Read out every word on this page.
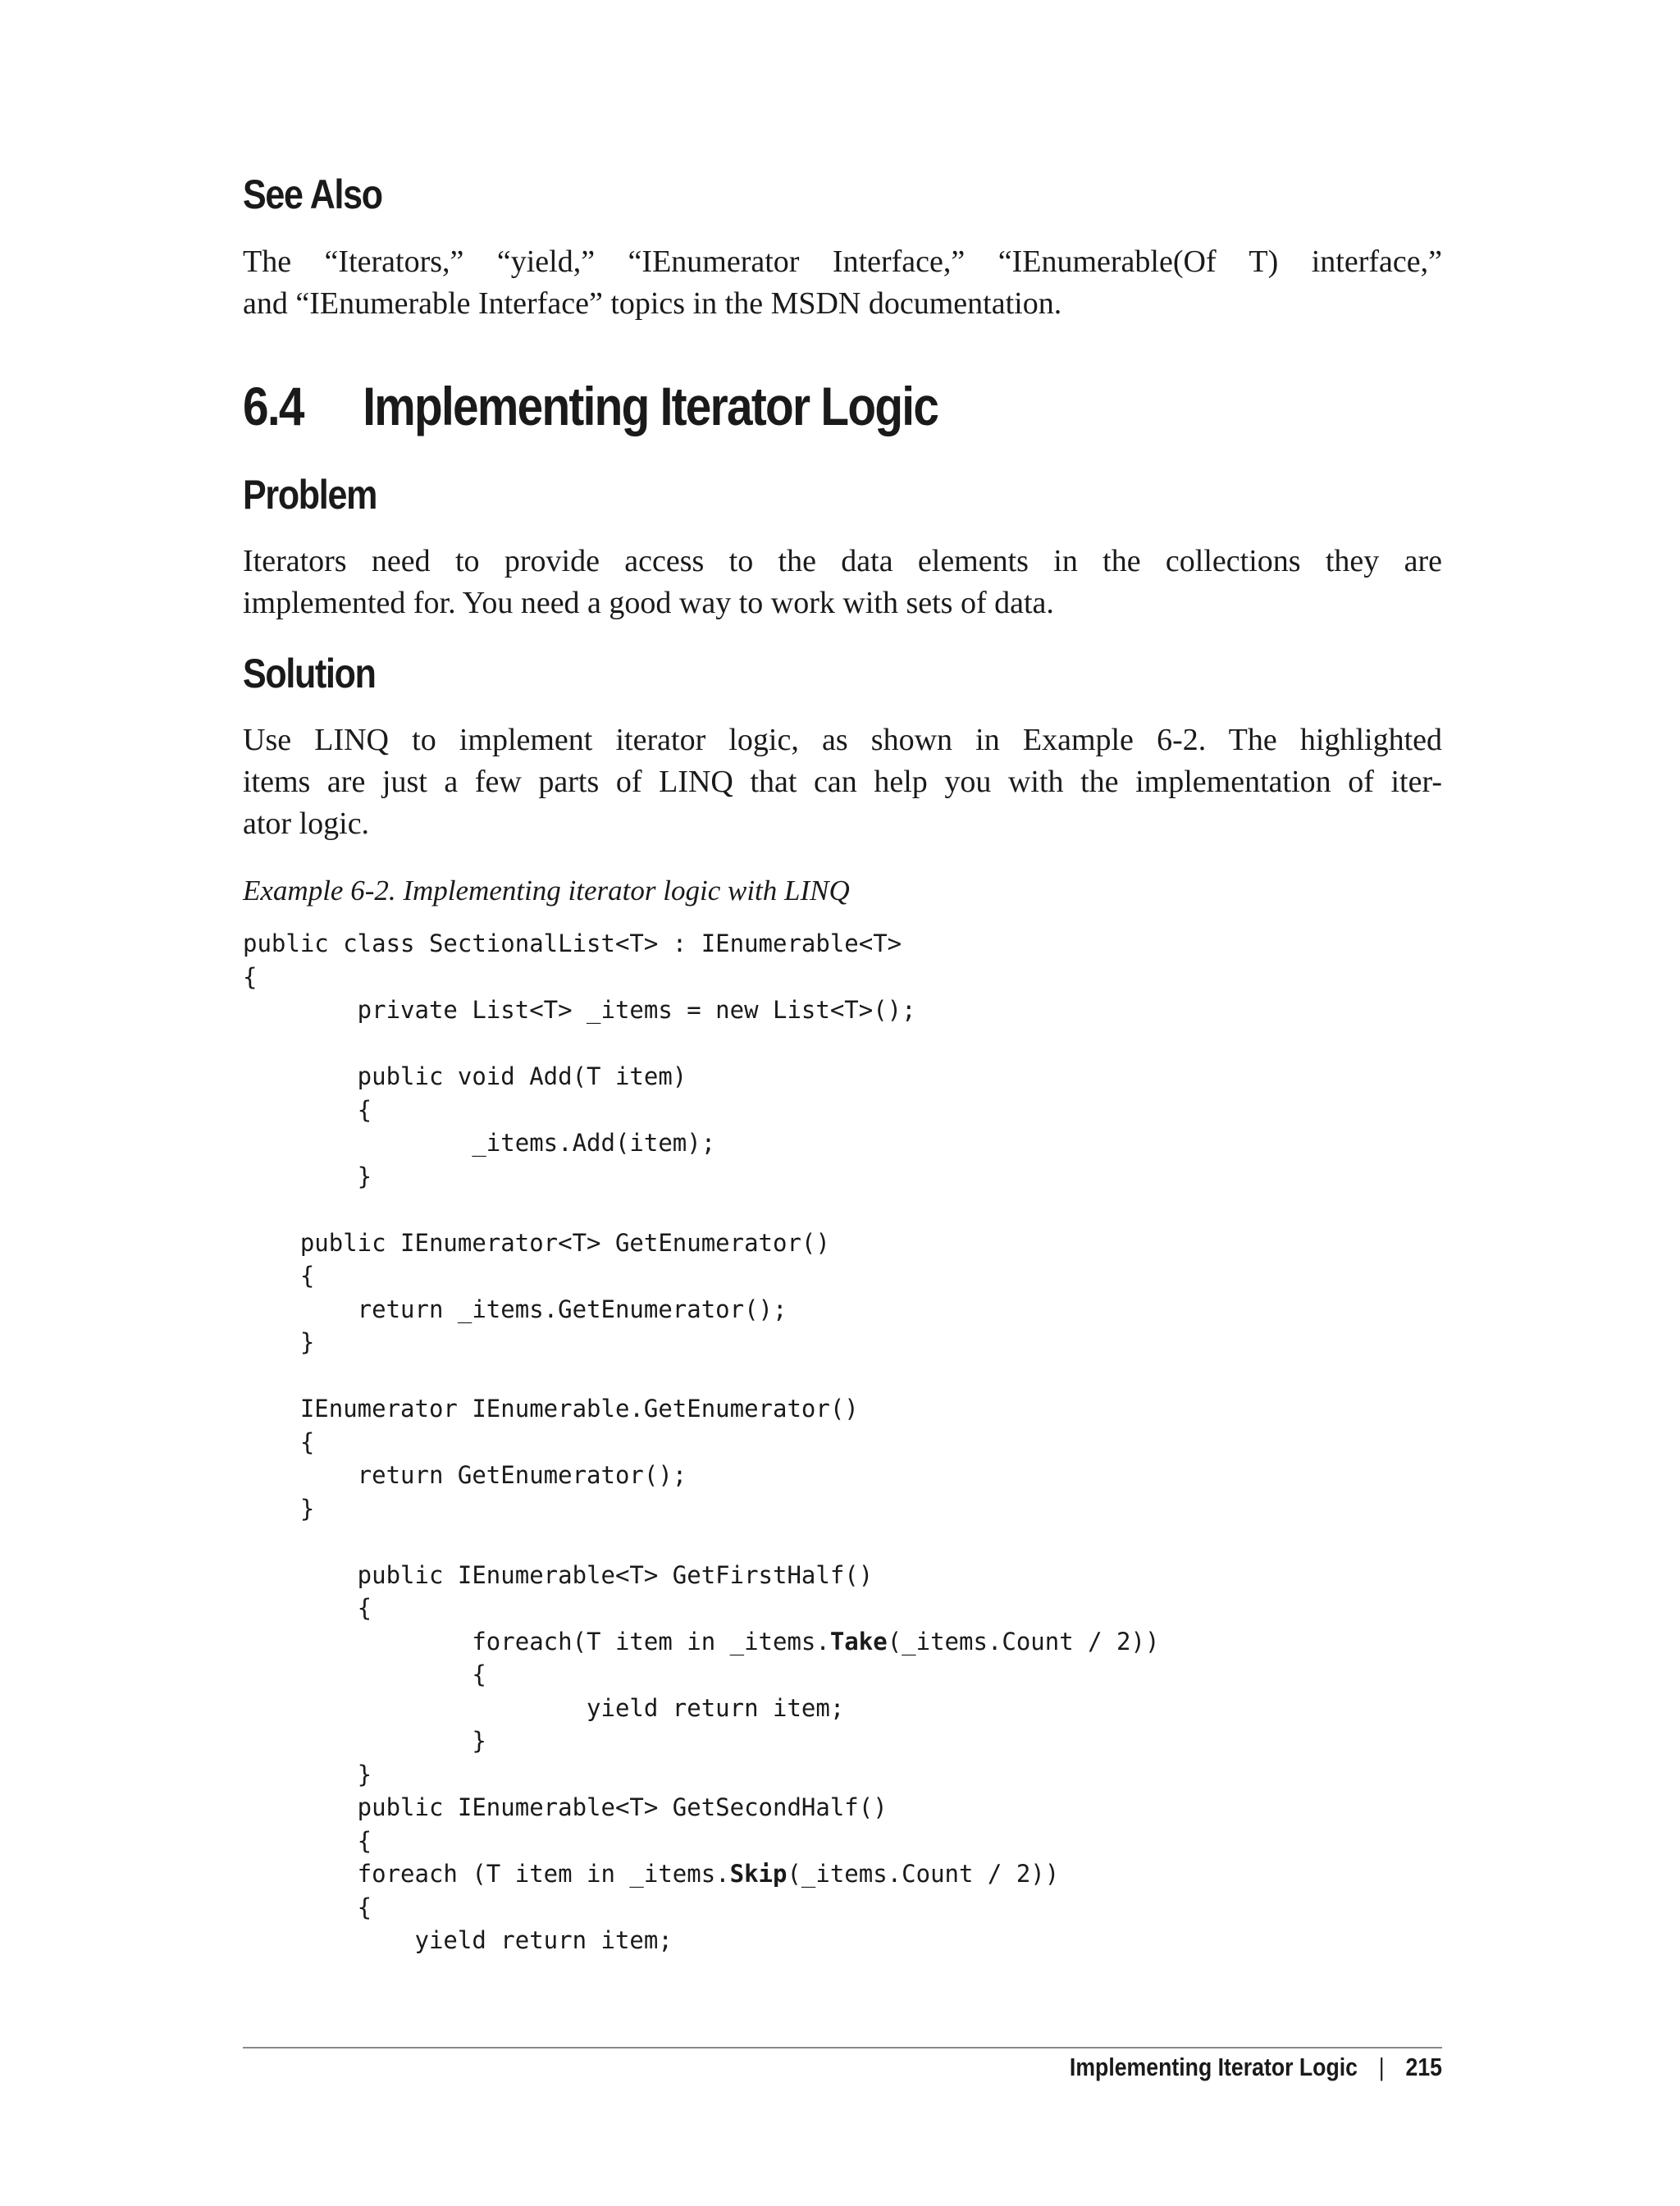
See Also
The “Iterators,” “yield,” “IEnumerator Interface,” “IEnumerable(Of T) interface,”
and “IEnumerable Interface” topics in the MSDN documentation.
6.4 Implementing Iterator Logic
Problem
Iterators need to provide access to the data elements in the collections they are
implemented for. You need a good way to work with sets of data.
Solution
Use LINQ to implement iterator logic, as shown in Example 6-2. The highlighted
items are just a few parts of LINQ that can help you with the implementation of iter-
ator logic.

Example 6-2. Implementing iterator logic with LINQ

public class SectionalList<T> : IEnumerable<T>
{
private List<T> _items = new List<T>();
public void Add(T item)
{
_items.Add(item);
}
public IEnumerator<T> GetEnumerator()
{
return _items.GetEnumerator();
}
IEnumerator IEnumerable.GetEnumerator()
{
return GetEnumerator();
}
public IEnumerable<T> GetFirstHalf()
{
foreach(T item in _items.Take(_items.Count / 2))
{
yield return item;
}
}
public IEnumerable<T> GetSecondHalf()
{
foreach (T item in _items.Skip(_items.Count / 2))
{
yield return item;
Implementing Iterator Logic | 215
